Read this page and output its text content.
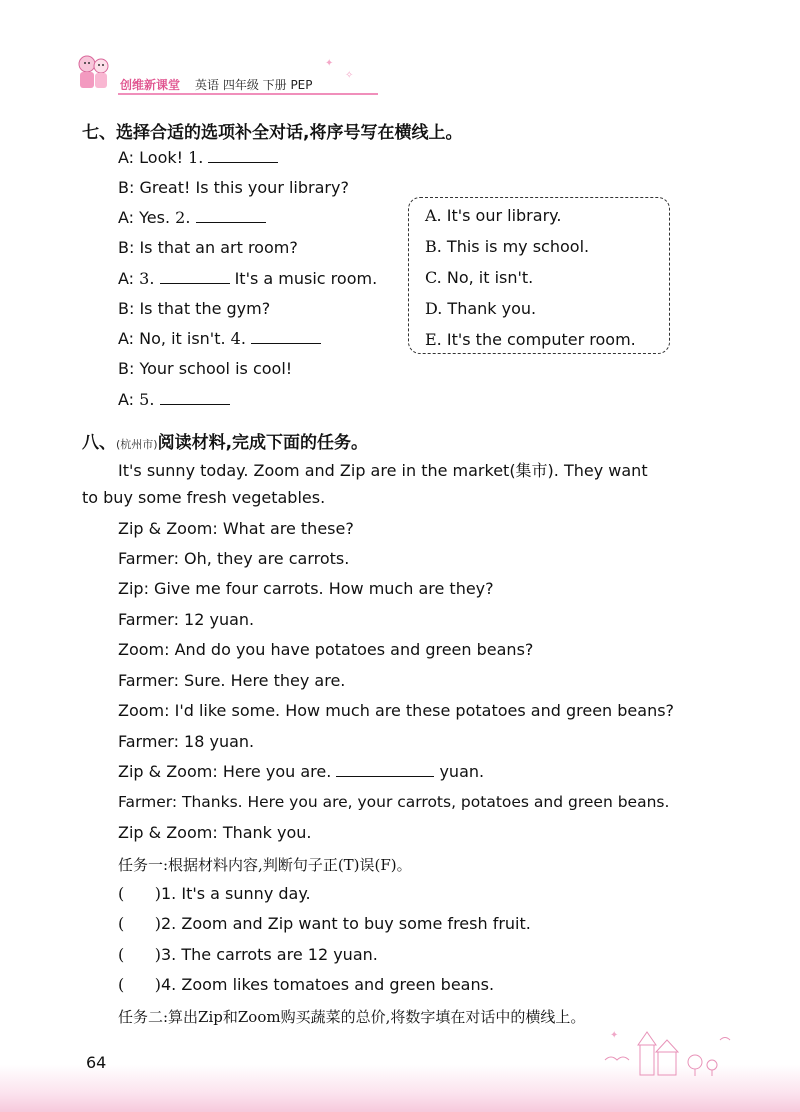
创维新课堂 英语 四年级 下册 PEP
✦
✧
七、选择合适的选项补全对话,将序号写在横线上。
A: Look! 1.
B: Great! Is this your library?
A: Yes. 2.
B: Is that an art room?
A: 3.	It's a music room.
B: Is that the gym?
A: No, it isn't. 4.
B: Your school is cool!
A: 5.
A. It's our library.
B. This is my school.
C. No, it isn't.
D. Thank you.
E. It's the computer room.
八、(杭州市)阅读材料,完成下面的任务。
It's sunny today. Zoom and Zip are in the market(集市). They want
to buy some fresh vegetables.
Zip & Zoom: What are these?
Farmer: Oh, they are carrots.
Zip: Give me four carrots. How much are they?
Farmer: 12 yuan.
Zoom: And do you have potatoes and green beans?
Farmer: Sure. Here they are.
Zoom: I'd like some. How much are these potatoes and green beans?
Farmer: 18 yuan.
Zip & Zoom: Here you are.	yuan.
Farmer: Thanks. Here you are, your carrots, potatoes and green beans.
Zip & Zoom: Thank you.
任务一:根据材料内容,判断句子正(T)误(F)。
(      )1. It's a sunny day.
(      )2. Zoom and Zip want to buy some fresh fruit.
(      )3. The carrots are 12 yuan.
(      )4. Zoom likes tomatoes and green beans.
任务二:算出Zip和Zoom购买蔬菜的总价,将数字填在对话中的横线上。
✦
64
